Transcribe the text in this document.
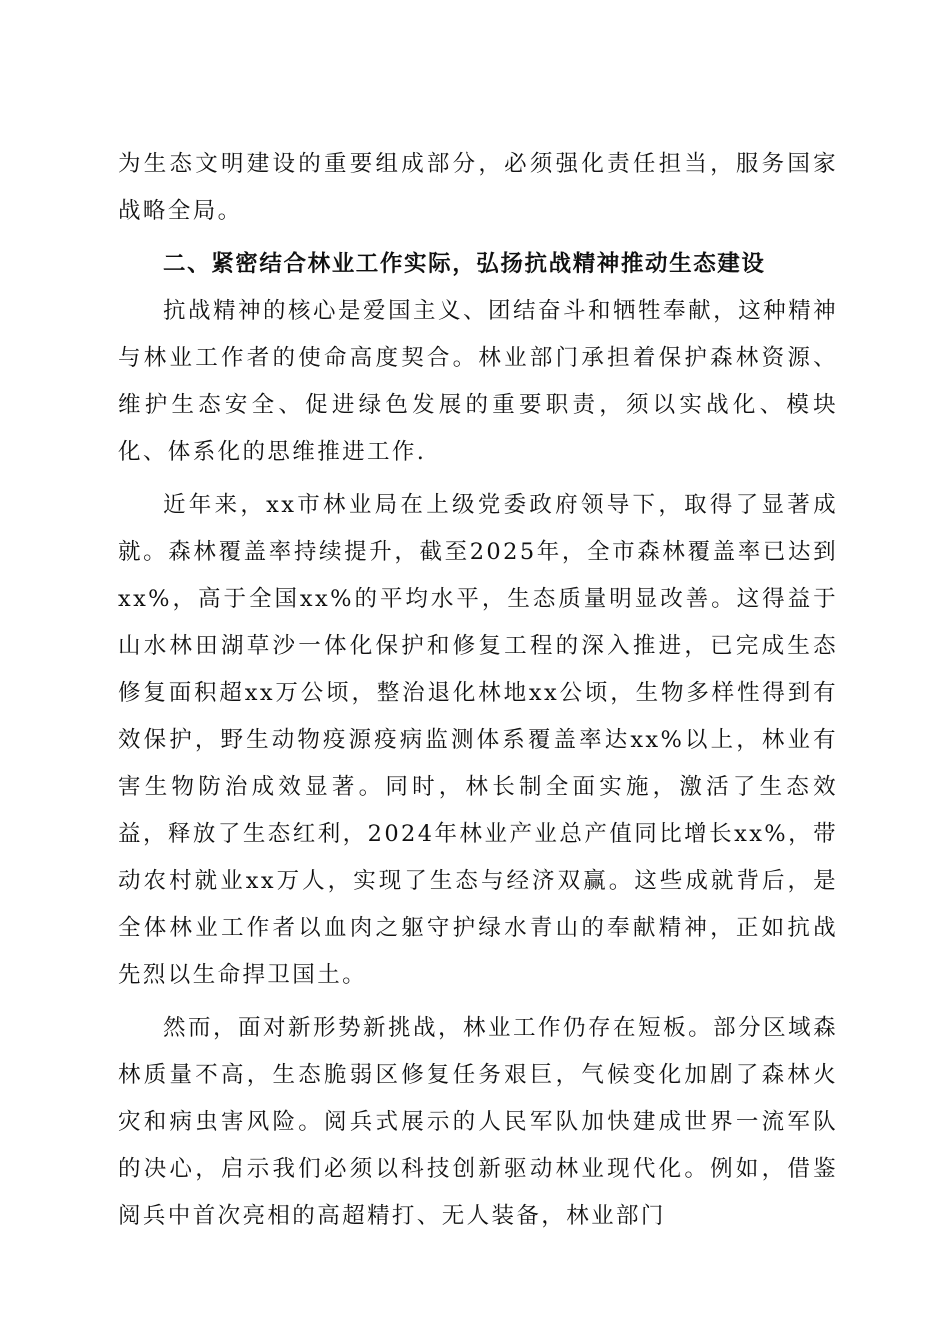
为生态文明建设的重要组成部分，必须强化责任担当，服务国家战略全局。

二、紧密结合林业工作实际，弘扬抗战精神推动生态建设

抗战精神的核心是爱国主义、团结奋斗和牺牲奉献，这种精神与林业工作者的使命高度契合。林业部门承担着保护森林资源、维护生态安全、促进绿色发展的重要职责，须以实战化、模块化、体系化的思维推进工作.

近年来，xx市林业局在上级党委政府领导下，取得了显著成就。森林覆盖率持续提升，截至2025年，全市森林覆盖率已达到xx%，高于全国xx%的平均水平，生态质量明显改善。这得益于山水林田湖草沙一体化保护和修复工程的深入推进，已完成生态修复面积超xx万公顷，整治退化林地xx公顷，生物多样性得到有效保护，野生动物疫源疫病监测体系覆盖率达xx%以上，林业有害生物防治成效显著。同时，林长制全面实施，激活了生态效益，释放了生态红利，2024年林业产业总产值同比增长xx%，带动农村就业xx万人，实现了生态与经济双赢。这些成就背后，是全体林业工作者以血肉之躯守护绿水青山的奉献精神，正如抗战先烈以生命捍卫国土。

然而，面对新形势新挑战，林业工作仍存在短板。部分区域森林质量不高，生态脆弱区修复任务艰巨，气候变化加剧了森林火灾和病虫害风险。阅兵式展示的人民军队加快建成世界一流军队的决心，启示我们必须以科技创新驱动林业现代化。例如，借鉴阅兵中首次亮相的高超精打、无人装备，林业部门
